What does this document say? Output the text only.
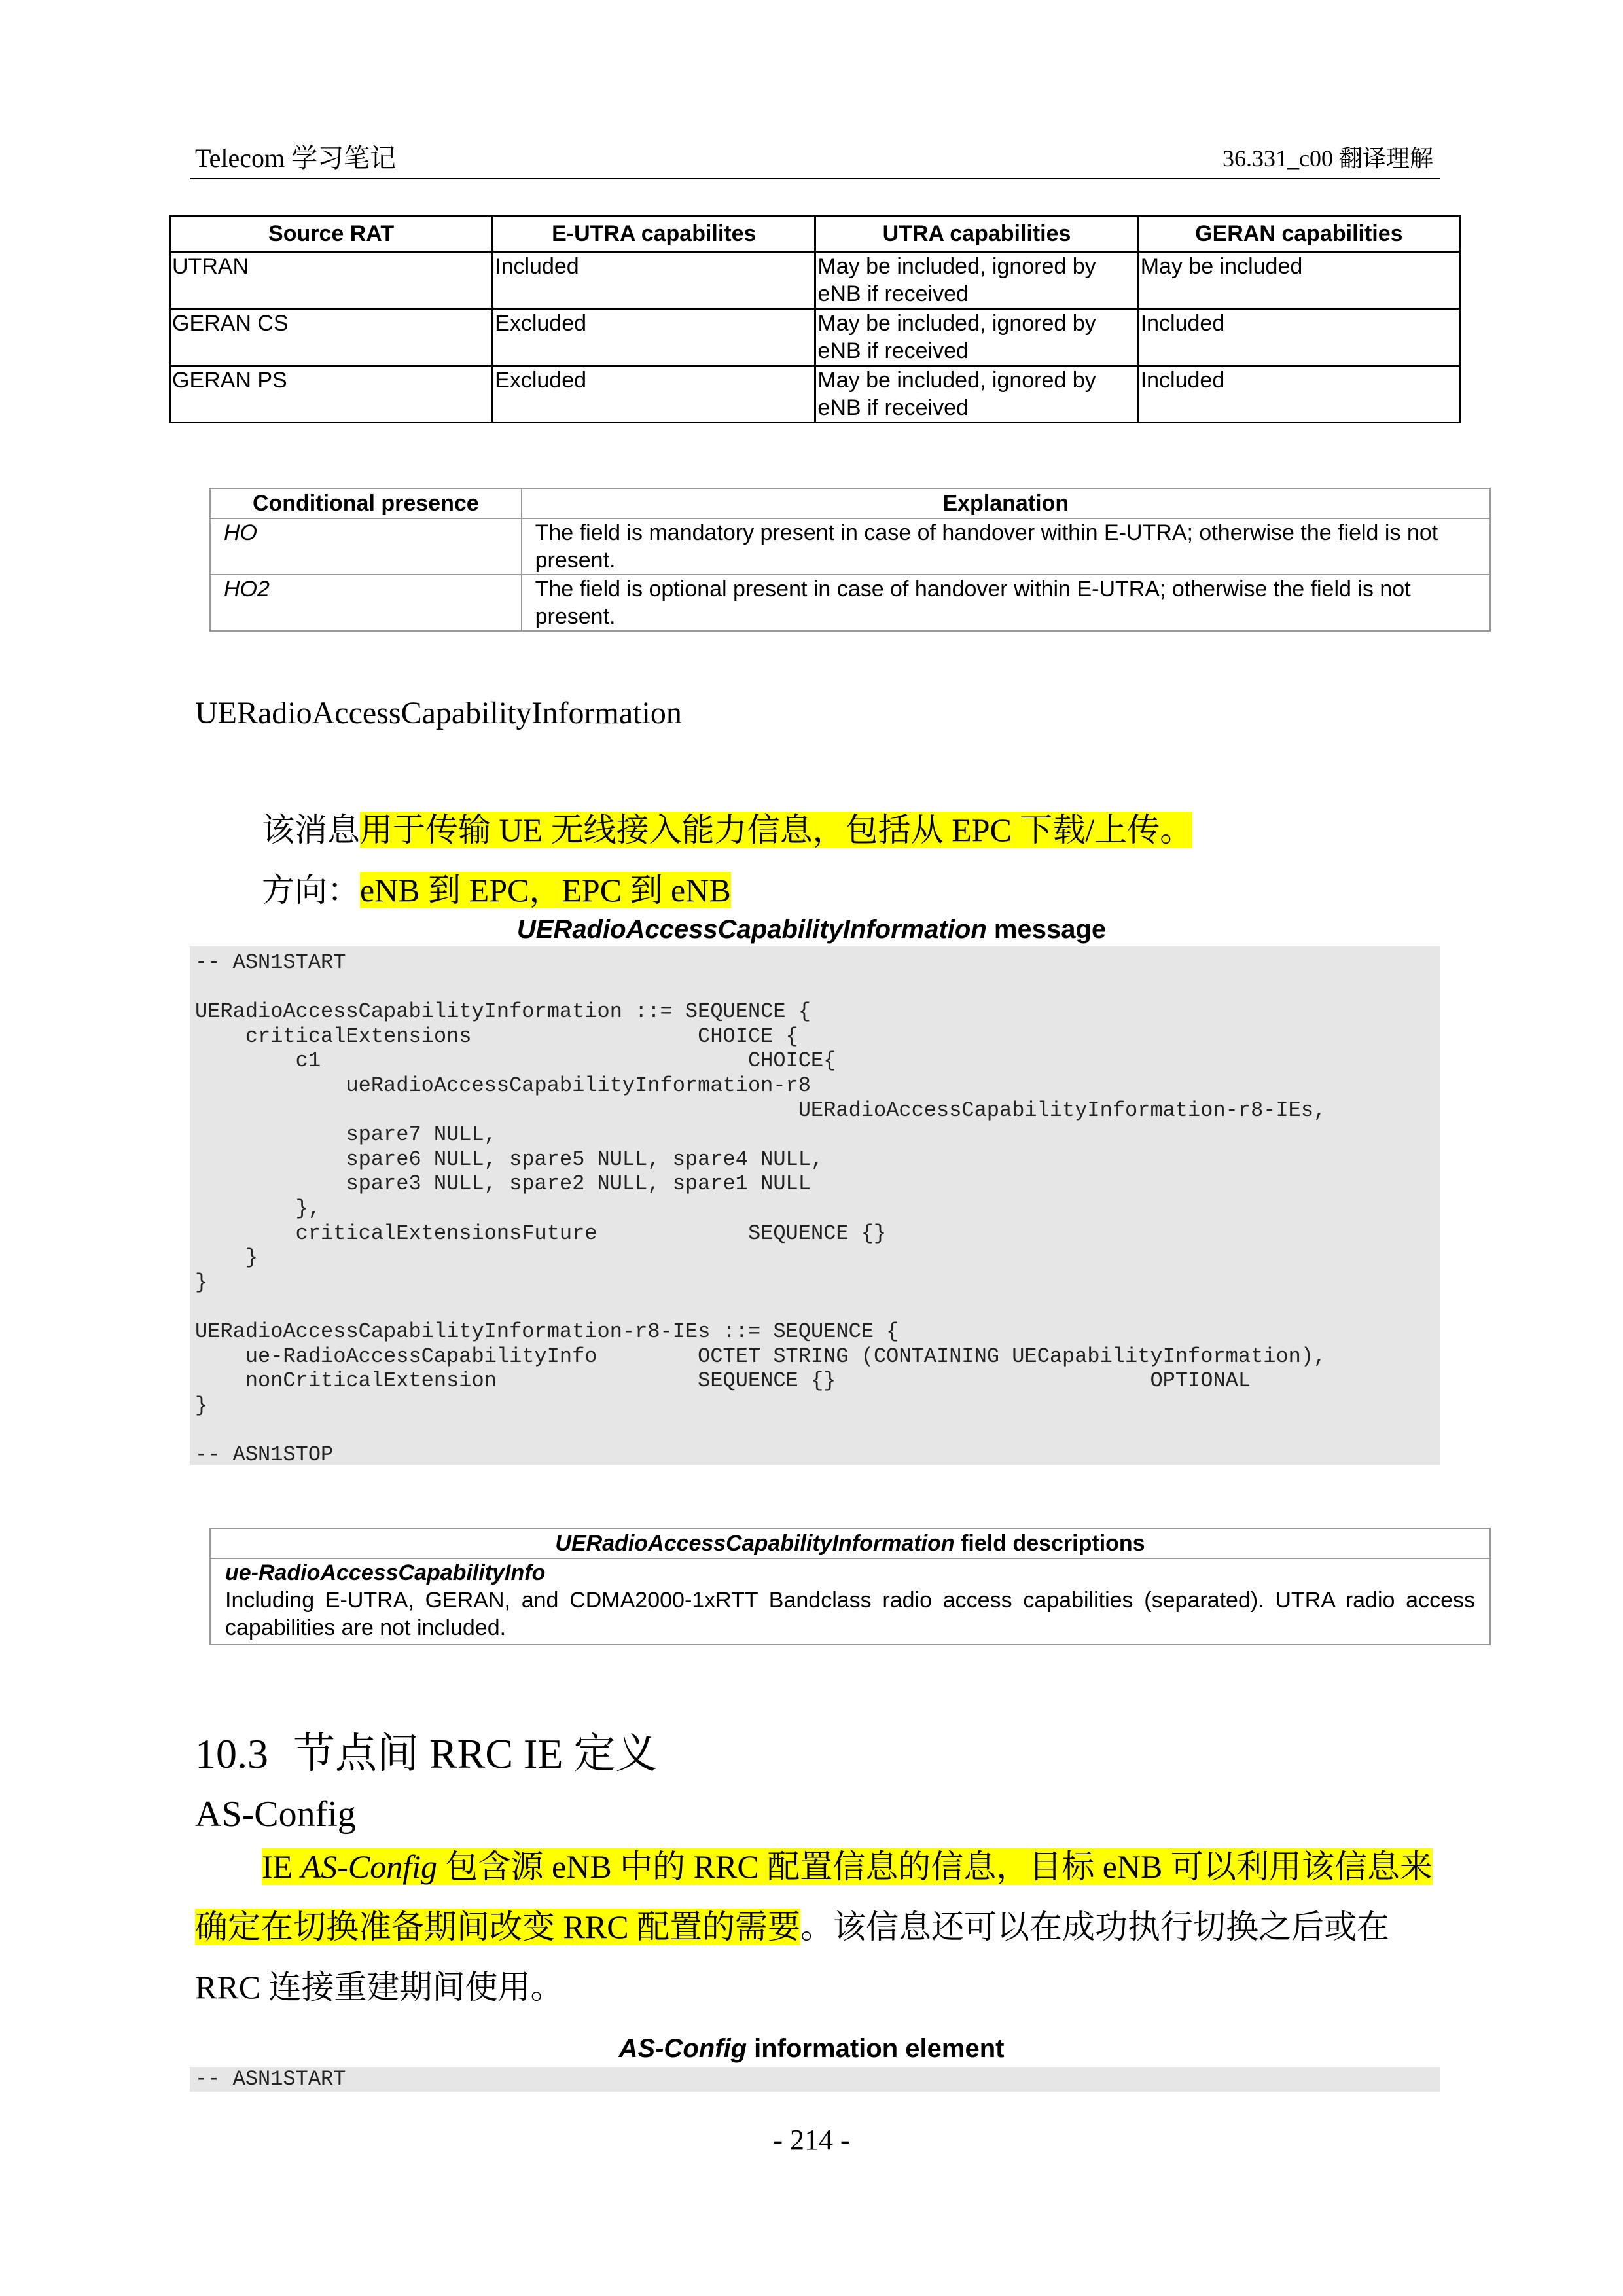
Telecom 学习笔记	36.331_c00 翻译理解
Source RAT	E-UTRA capabilites	UTRA capabilities	GERAN capabilities
UTRAN	Included	May be included, ignored by eNB if received	May be included
GERAN CS	Excluded	May be included, ignored by eNB if received	Included
GERAN PS	Excluded	May be included, ignored by eNB if received	Included
Conditional presence	Explanation
HO	The field is mandatory present in case of handover within E-UTRA; otherwise the field is not present.
HO2	The field is optional present in case of handover within E-UTRA; otherwise the field is not present.
UERadioAccessCapabilityInformation
该消息用于传输 UE 无线接入能力信息，包括从 EPC 下载/上传。
方向：eNB 到 EPC，EPC 到 eNB
UERadioAccessCapabilityInformation message
-- ASN1START

UERadioAccessCapabilityInformation ::= SEQUENCE {
criticalExtensions                  CHOICE {
c1                                  CHOICE{
ueRadioAccessCapabilityInformation-r8
UERadioAccessCapabilityInformation-r8-IEs,
spare7 NULL,
spare6 NULL, spare5 NULL, spare4 NULL,
spare3 NULL, spare2 NULL, spare1 NULL
},
criticalExtensionsFuture            SEQUENCE {}
}
}

UERadioAccessCapabilityInformation-r8-IEs ::= SEQUENCE {
ue-RadioAccessCapabilityInfo        OCTET STRING (CONTAINING UECapabilityInformation),
nonCriticalExtension                SEQUENCE {}                         OPTIONAL
}

-- ASN1STOP
UERadioAccessCapabilityInformation field descriptions

ue-RadioAccessCapabilityInfo
Including E-UTRA, GERAN, and CDMA2000-1xRTT Bandclass radio access capabilities (separated). UTRA radio access capabilities are not included.
10.3 节点间 RRC IE 定义
AS-Config
IE AS-Config 包含源 eNB 中的 RRC 配置信息的信息，目标 eNB 可以利用该信息来
确定在切换准备期间改变 RRC 配置的需要。该信息还可以在成功执行切换之后或在
RRC 连接重建期间使用。
AS-Config information element
-- ASN1START
- 214 -
